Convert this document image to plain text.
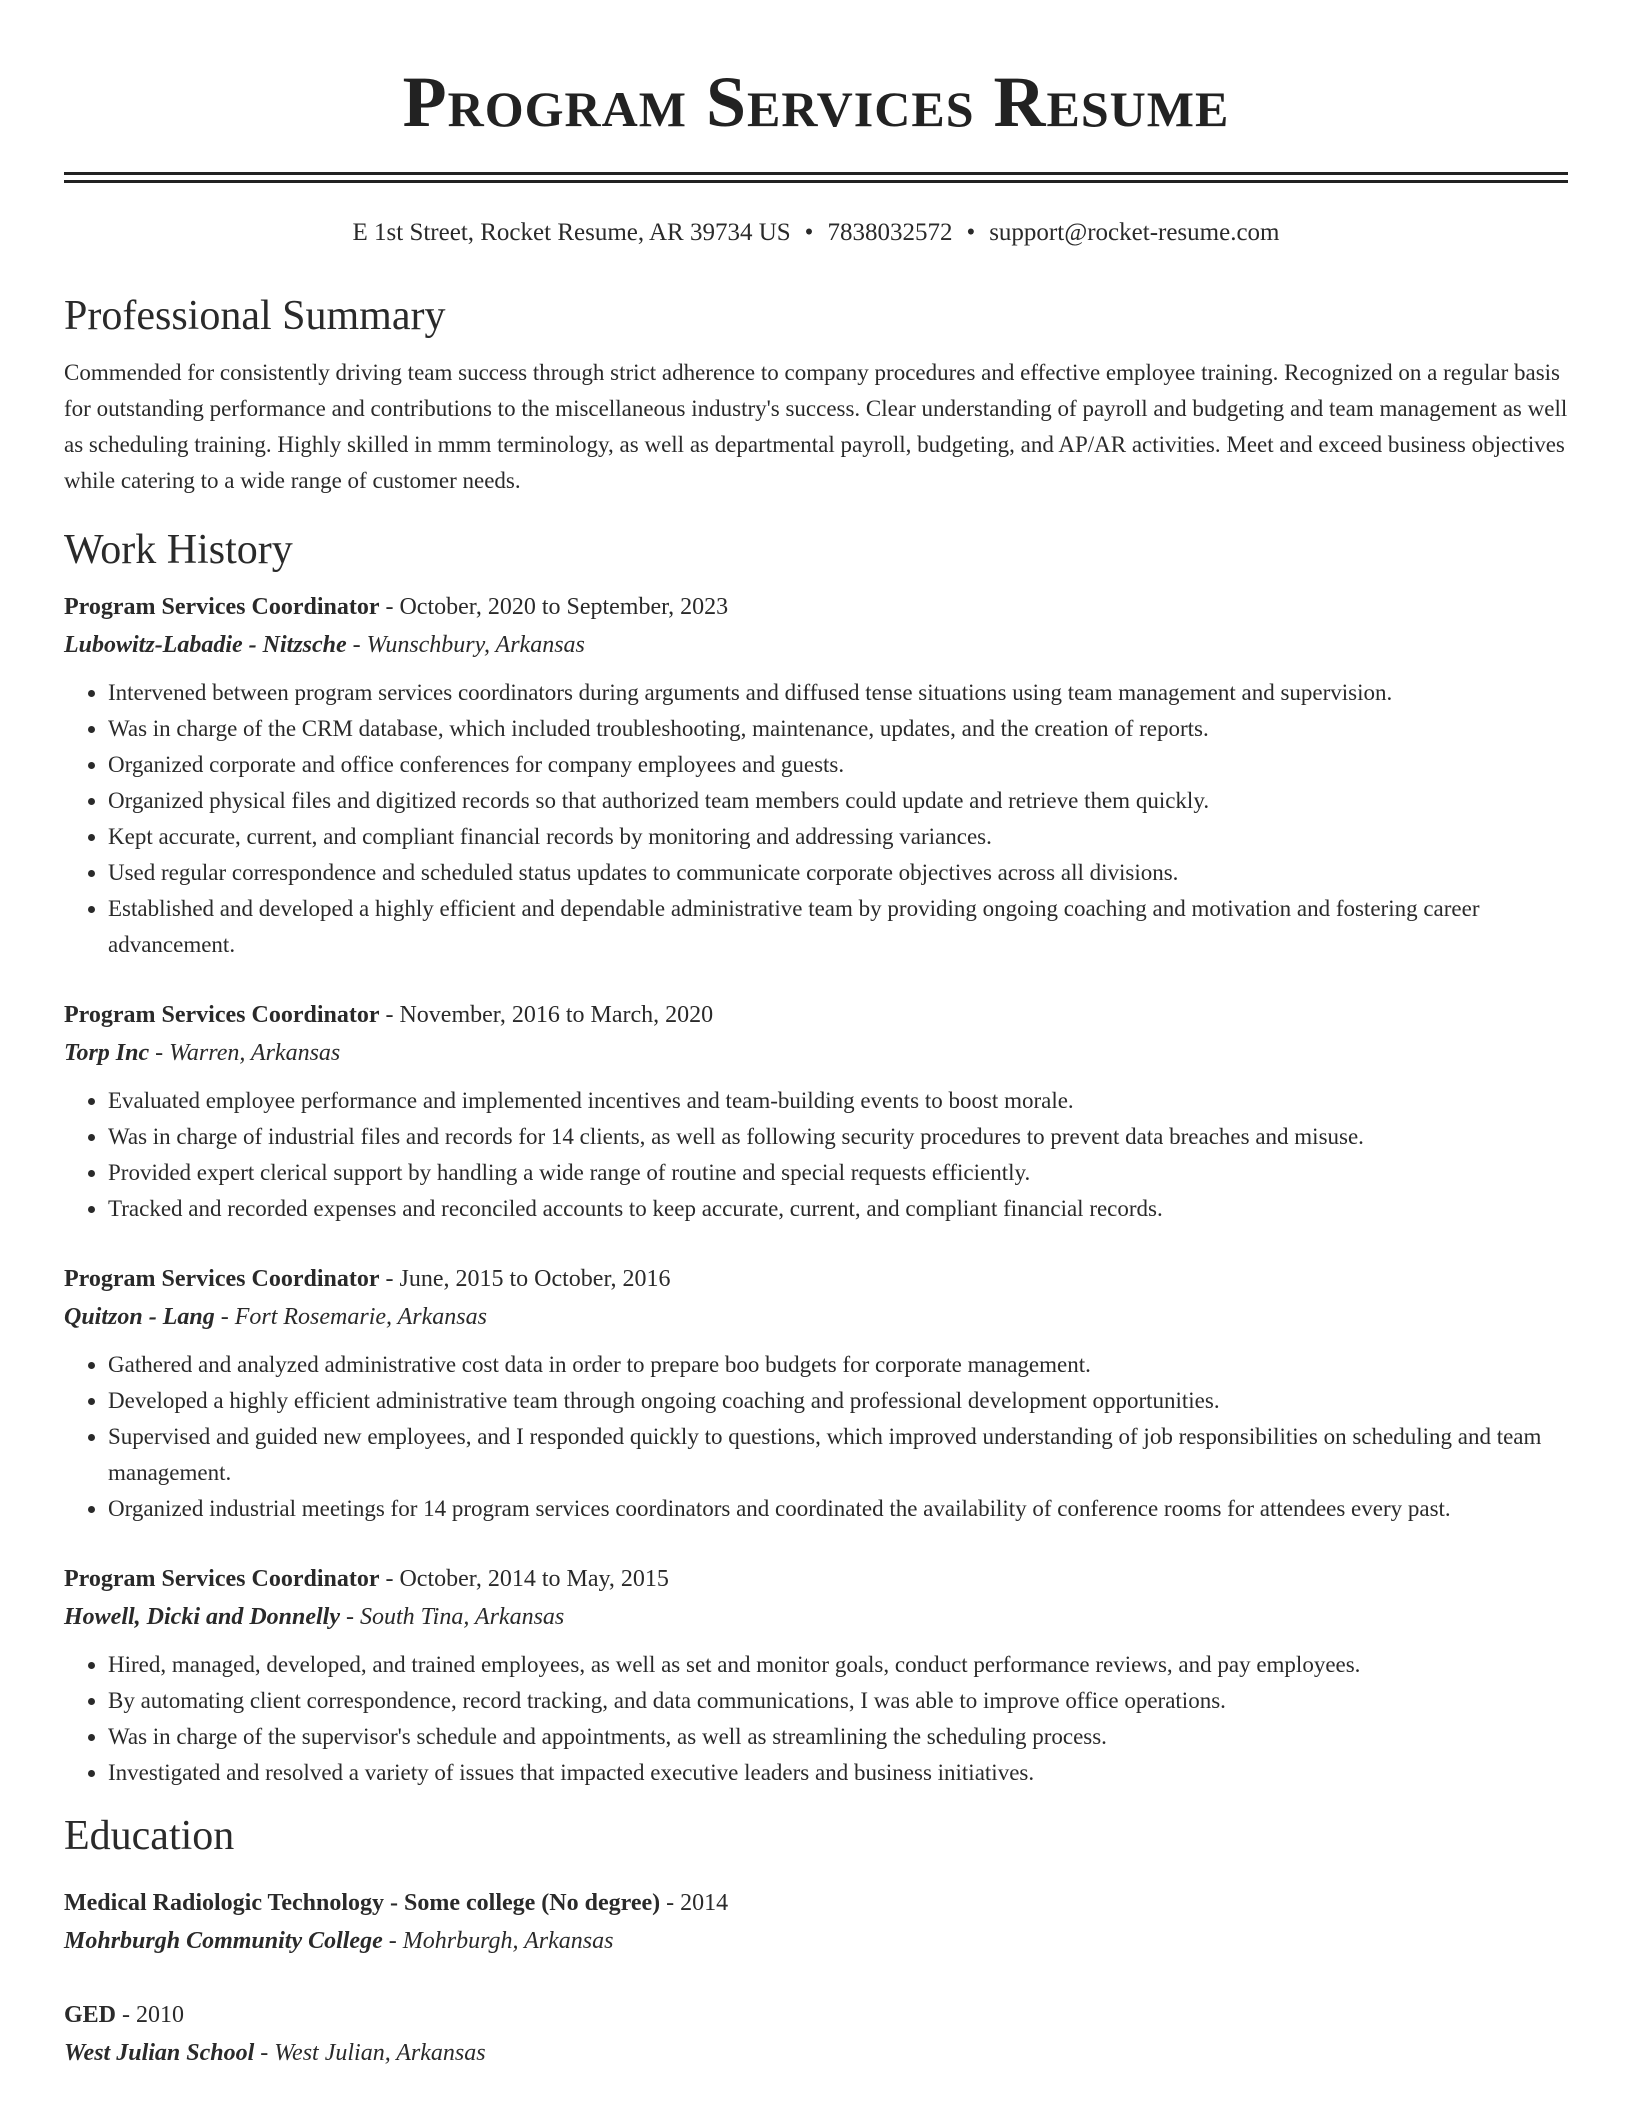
Program Services Resume
E 1st Street, Rocket Resume, AR 39734 US • 7838032572 • support@rocket-resume.com
Professional Summary
Commended for consistently driving team success through strict adherence to company procedures and effective employee training. Recognized on a regular basis for outstanding performance and contributions to the miscellaneous industry's success. Clear understanding of payroll and budgeting and team management as well as scheduling training. Highly skilled in mmm terminology, as well as departmental payroll, budgeting, and AP/AR activities. Meet and exceed business objectives while catering to a wide range of customer needs.
Work History
Program Services Coordinator - October, 2020 to September, 2023
Lubowitz-Labadie - Nitzsche - Wunschbury, Arkansas
• Intervened between program services coordinators during arguments and diffused tense situations using team management and supervision.
• Was in charge of the CRM database, which included troubleshooting, maintenance, updates, and the creation of reports.
• Organized corporate and office conferences for company employees and guests.
• Organized physical files and digitized records so that authorized team members could update and retrieve them quickly.
• Kept accurate, current, and compliant financial records by monitoring and addressing variances.
• Used regular correspondence and scheduled status updates to communicate corporate objectives across all divisions.
• Established and developed a highly efficient and dependable administrative team by providing ongoing coaching and motivation and fostering career advancement.
Program Services Coordinator - November, 2016 to March, 2020
Torp Inc - Warren, Arkansas
• Evaluated employee performance and implemented incentives and team-building events to boost morale.
• Was in charge of industrial files and records for 14 clients, as well as following security procedures to prevent data breaches and misuse.
• Provided expert clerical support by handling a wide range of routine and special requests efficiently.
• Tracked and recorded expenses and reconciled accounts to keep accurate, current, and compliant financial records.
Program Services Coordinator - June, 2015 to October, 2016
Quitzon - Lang - Fort Rosemarie, Arkansas
• Gathered and analyzed administrative cost data in order to prepare boo budgets for corporate management.
• Developed a highly efficient administrative team through ongoing coaching and professional development opportunities.
• Supervised and guided new employees, and I responded quickly to questions, which improved understanding of job responsibilities on scheduling and team management.
• Organized industrial meetings for 14 program services coordinators and coordinated the availability of conference rooms for attendees every past.
Program Services Coordinator - October, 2014 to May, 2015
Howell, Dicki and Donnelly - South Tina, Arkansas
• Hired, managed, developed, and trained employees, as well as set and monitor goals, conduct performance reviews, and pay employees.
• By automating client correspondence, record tracking, and data communications, I was able to improve office operations.
• Was in charge of the supervisor's schedule and appointments, as well as streamlining the scheduling process.
• Investigated and resolved a variety of issues that impacted executive leaders and business initiatives.
Education
Medical Radiologic Technology - Some college (No degree) - 2014
Mohrburgh Community College - Mohrburgh, Arkansas
GED - 2010
West Julian School - West Julian, Arkansas
